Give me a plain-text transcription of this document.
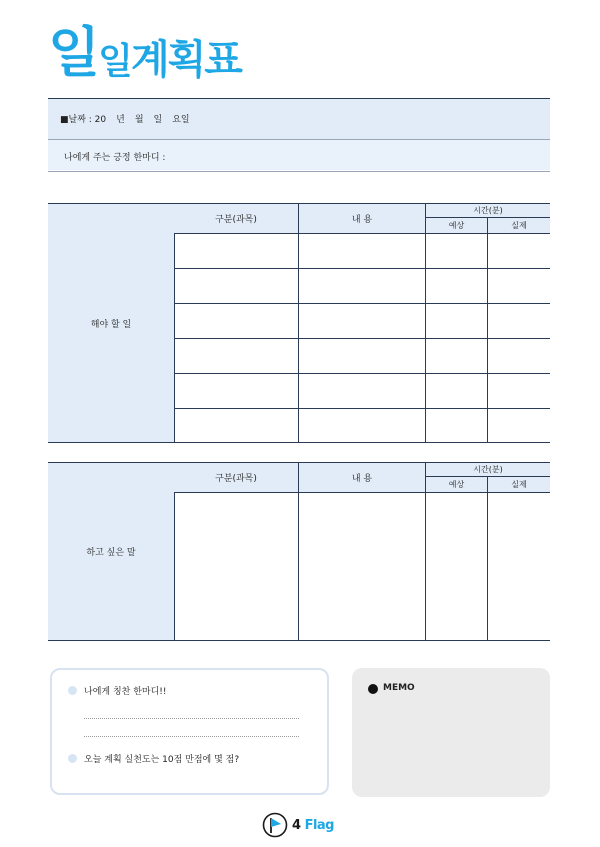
일 일 계획표
■날짜 : 20 년 월 일 요일
나에게 주는 긍정 한마디 :
해야 할 일
구분(과목)	내 용
시간(분)
예상	실제
하고 싶은 말
구분(과목)	내 용
시간(분)
예상	실제
나에게 칭찬 한마디!!
오늘 계획 실천도는 10점 만점에 몇 점?
MEMO
4 Flag
